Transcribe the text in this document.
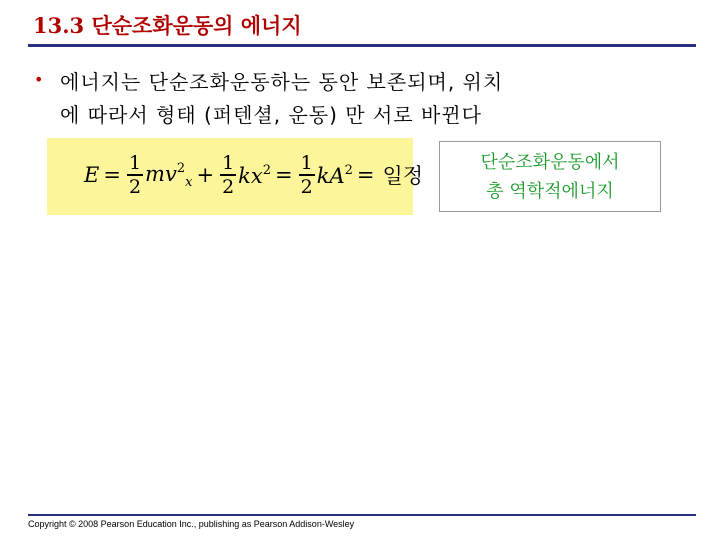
13.3 단순조화운동의 에너지
• 에너지는 단순조화운동하는 동안 보존되며, 위치
에 따라서 형태 (퍼텐셜, 운동) 만 서로 바뀐다
$E = \frac{1}{2} mv^2_x + \frac{1}{2} kx^2 = \frac{1}{2} kA^2$ = 일정
단순조화운동에서
총 역학적에너지
Copyright © 2008 Pearson Education Inc., publishing as Pearson Addison-Wesley
